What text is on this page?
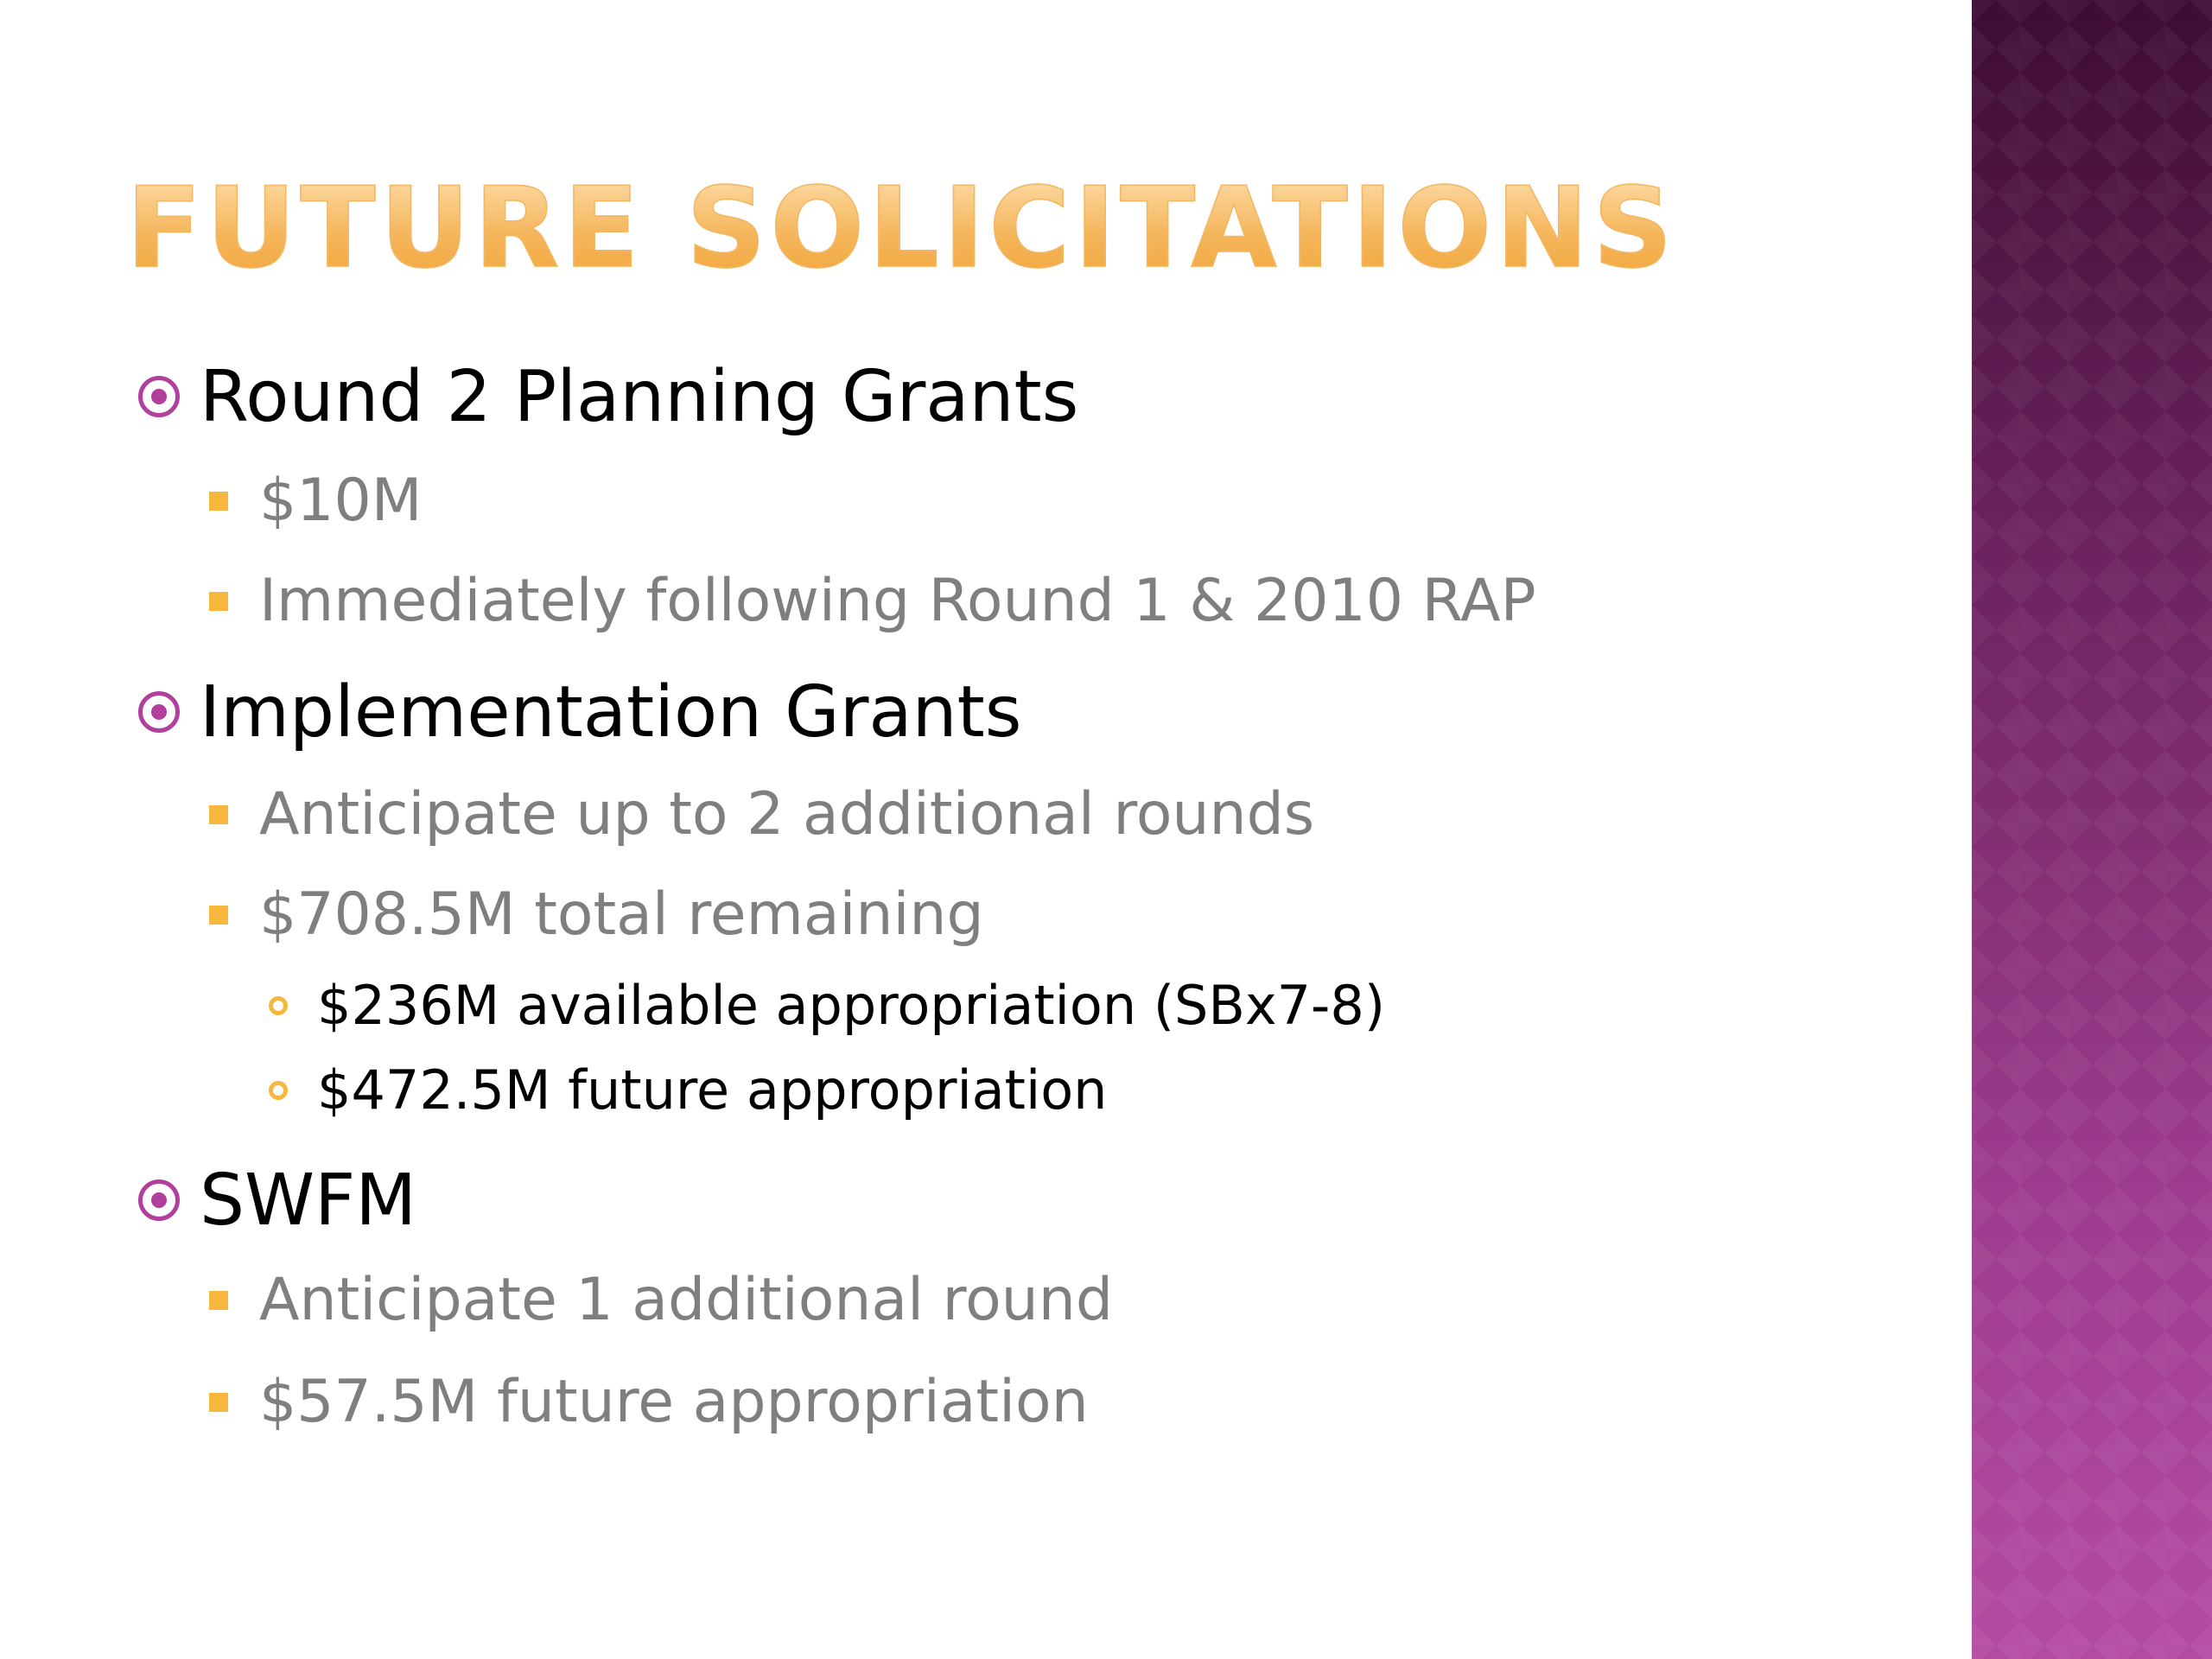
FUTURE SOLICITATIONS
Round 2 Planning Grants
$10M
Immediately following Round 1 & 2010 RAP
Implementation Grants
Anticipate up to 2 additional rounds
$708.5M total remaining
$236M available appropriation (SBx7-8)
$472.5M future appropriation
SWFM
Anticipate 1 additional round
$57.5M future appropriation
